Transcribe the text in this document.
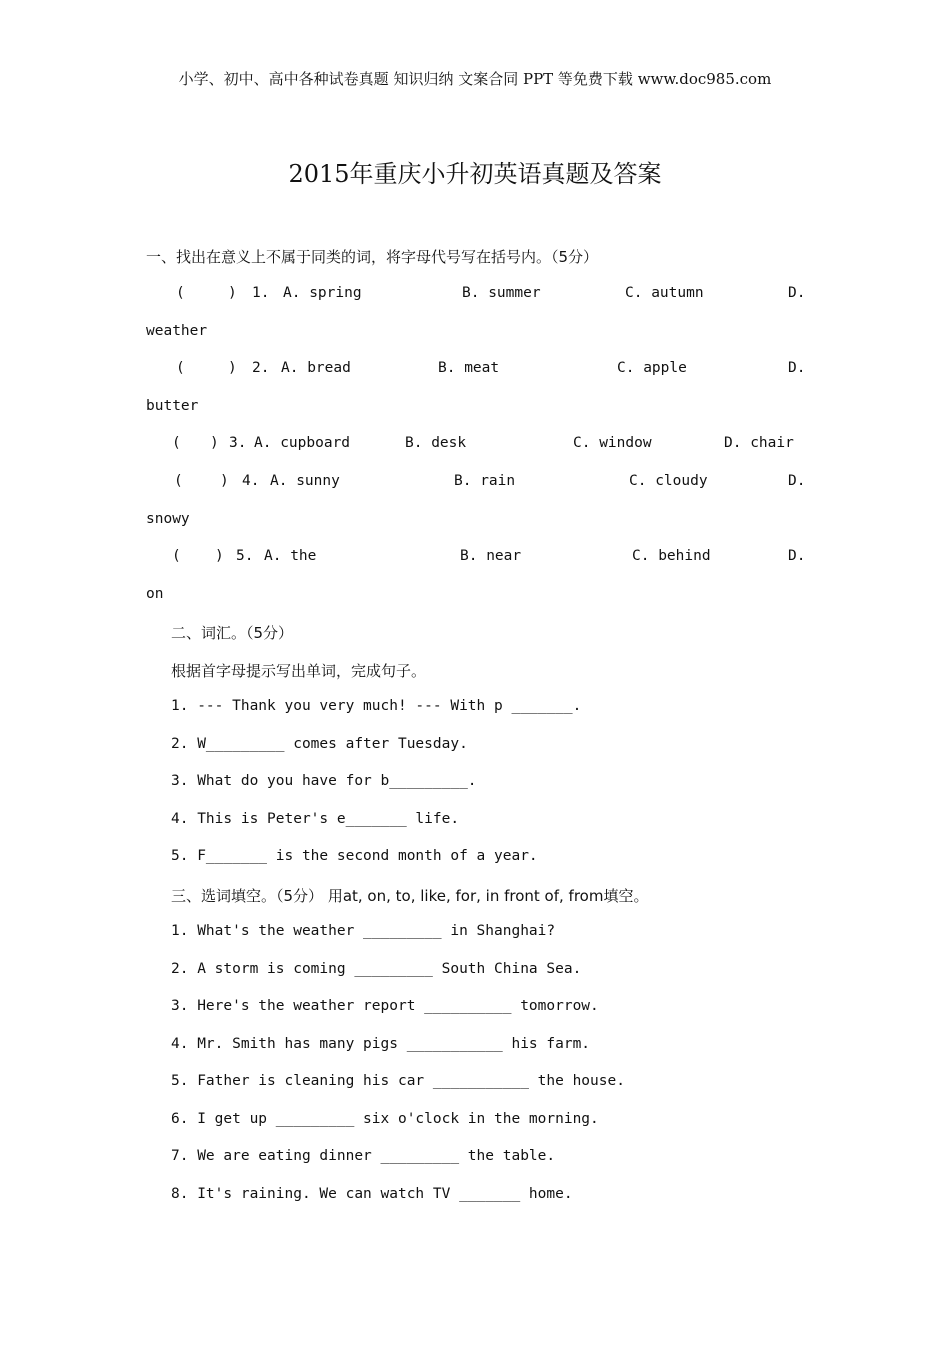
小学、初中、高中各种试卷真题 知识归纳 文案合同 PPT 等免费下载 www.doc985.com
2015年重庆小升初英语真题及答案
一、找出在意义上不属于同类的词，将字母代号写在括号内。（5分）
(	) 1. A. spring	B. summer	C. autumn	D.
weather
(	) 2. A. bread	B. meat	C. apple	D.
butter
( ) 3. A. cupboard	B. desk	C. window	D. chair
(	) 4. A. sunny	B. rain	C. cloudy	D.
snowy
( ) 5. A. the	B. near	C. behind	D.
on
二、词汇。（5分）
根据首字母提示写出单词，完成句子。
1. --- Thank you very much! --- With p _______.
2. W_________ comes after Tuesday.
3. What do you have for b_________.
4. This is Peter's e_______ life.
5. F_______ is the second month of a year.
三、选词填空。（5分） 用at, on, to, like, for, in front of, from填空。
1. What's the weather _________ in Shanghai?
2. A storm is coming _________ South China Sea.
3. Here's the weather report __________ tomorrow.
4. Mr. Smith has many pigs ___________ his farm.
5. Father is cleaning his car ___________ the house.
6. I get up _________ six o'clock in the morning.
7. We are eating dinner _________ the table.
8. It's raining. We can watch TV _______ home.
